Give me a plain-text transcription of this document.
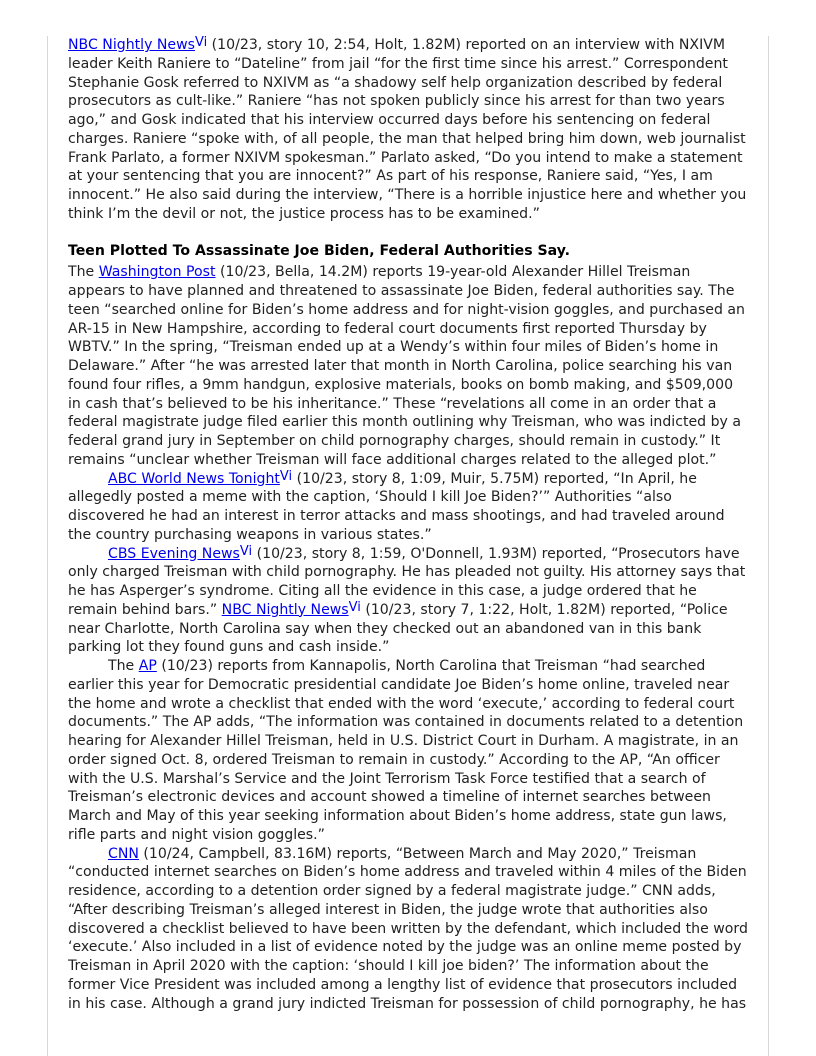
NBC Nightly News$^{Vi}$ (10/23, story 10, 2:54, Holt, 1.82M) reported on an interview with NXIVM leader Keith Raniere to “Dateline” from jail “for the first time since his arrest.” Correspondent Stephanie Gosk referred to NXIVM as “a shadowy self help organization described by federal prosecutors as cult-like.” Raniere “has not spoken publicly since his arrest for than two years ago,” and Gosk indicated that his interview occurred days before his sentencing on federal charges. Raniere “spoke with, of all people, the man that helped bring him down, web journalist Frank Parlato, a former NXIVM spokesman.” Parlato asked, “Do you intend to make a statement at your sentencing that you are innocent?” As part of his response, Raniere said, “Yes, I am innocent.” He also said during the interview, “There is a horrible injustice here and whether you think I’m the devil or not, the justice process has to be examined.”

Teen Plotted To Assassinate Joe Biden, Federal Authorities Say.

The Washington Post (10/23, Bella, 14.2M) reports 19-year-old Alexander Hillel Treisman appears to have planned and threatened to assassinate Joe Biden, federal authorities say. The teen “searched online for Biden’s home address and for night-vision goggles, and purchased an AR-15 in New Hampshire, according to federal court documents first reported Thursday by WBTV.” In the spring, “Treisman ended up at a Wendy’s within four miles of Biden’s home in Delaware.” After “he was arrested later that month in North Carolina, police searching his van found four rifles, a 9mm handgun, explosive materials, books on bomb making, and $509,000 in cash that’s believed to be his inheritance.” These “revelations all come in an order that a federal magistrate judge filed earlier this month outlining why Treisman, who was indicted by a federal grand jury in September on child pornography charges, should remain in custody.” It remains “unclear whether Treisman will face additional charges related to the alleged plot.”

ABC World News Tonight$^{Vi}$ (10/23, story 8, 1:09, Muir, 5.75M) reported, “In April, he allegedly posted a meme with the caption, ‘Should I kill Joe Biden?’” Authorities “also discovered he had an interest in terror attacks and mass shootings, and had traveled around the country purchasing weapons in various states.”

CBS Evening News$^{Vi}$ (10/23, story 8, 1:59, O'Donnell, 1.93M) reported, “Prosecutors have only charged Treisman with child pornography. He has pleaded not guilty. His attorney says that he has Asperger’s syndrome. Citing all the evidence in this case, a judge ordered that he remain behind bars.” NBC Nightly News$^{Vi}$ (10/23, story 7, 1:22, Holt, 1.82M) reported, “Police near Charlotte, North Carolina say when they checked out an abandoned van in this bank parking lot they found guns and cash inside.”

The AP (10/23) reports from Kannapolis, North Carolina that Treisman “had searched earlier this year for Democratic presidential candidate Joe Biden’s home online, traveled near the home and wrote a checklist that ended with the word ‘execute,’ according to federal court documents.” The AP adds, “The information was contained in documents related to a detention hearing for Alexander Hillel Treisman, held in U.S. District Court in Durham. A magistrate, in an order signed Oct. 8, ordered Treisman to remain in custody.” According to the AP, “An officer with the U.S. Marshal’s Service and the Joint Terrorism Task Force testified that a search of Treisman’s electronic devices and account showed a timeline of internet searches between March and May of this year seeking information about Biden’s home address, state gun laws, rifle parts and night vision goggles.”

CNN (10/24, Campbell, 83.16M) reports, “Between March and May 2020,” Treisman “conducted internet searches on Biden’s home address and traveled within 4 miles of the Biden residence, according to a detention order signed by a federal magistrate judge.” CNN adds, “After describing Treisman’s alleged interest in Biden, the judge wrote that authorities also discovered a checklist believed to have been written by the defendant, which included the word ‘execute.’ Also included in a list of evidence noted by the judge was an online meme posted by Treisman in April 2020 with the caption: ‘should I kill joe biden?’ The information about the former Vice President was included among a lengthy list of evidence that prosecutors included in his case. Although a grand jury indicted Treisman for possession of child pornography, he has
